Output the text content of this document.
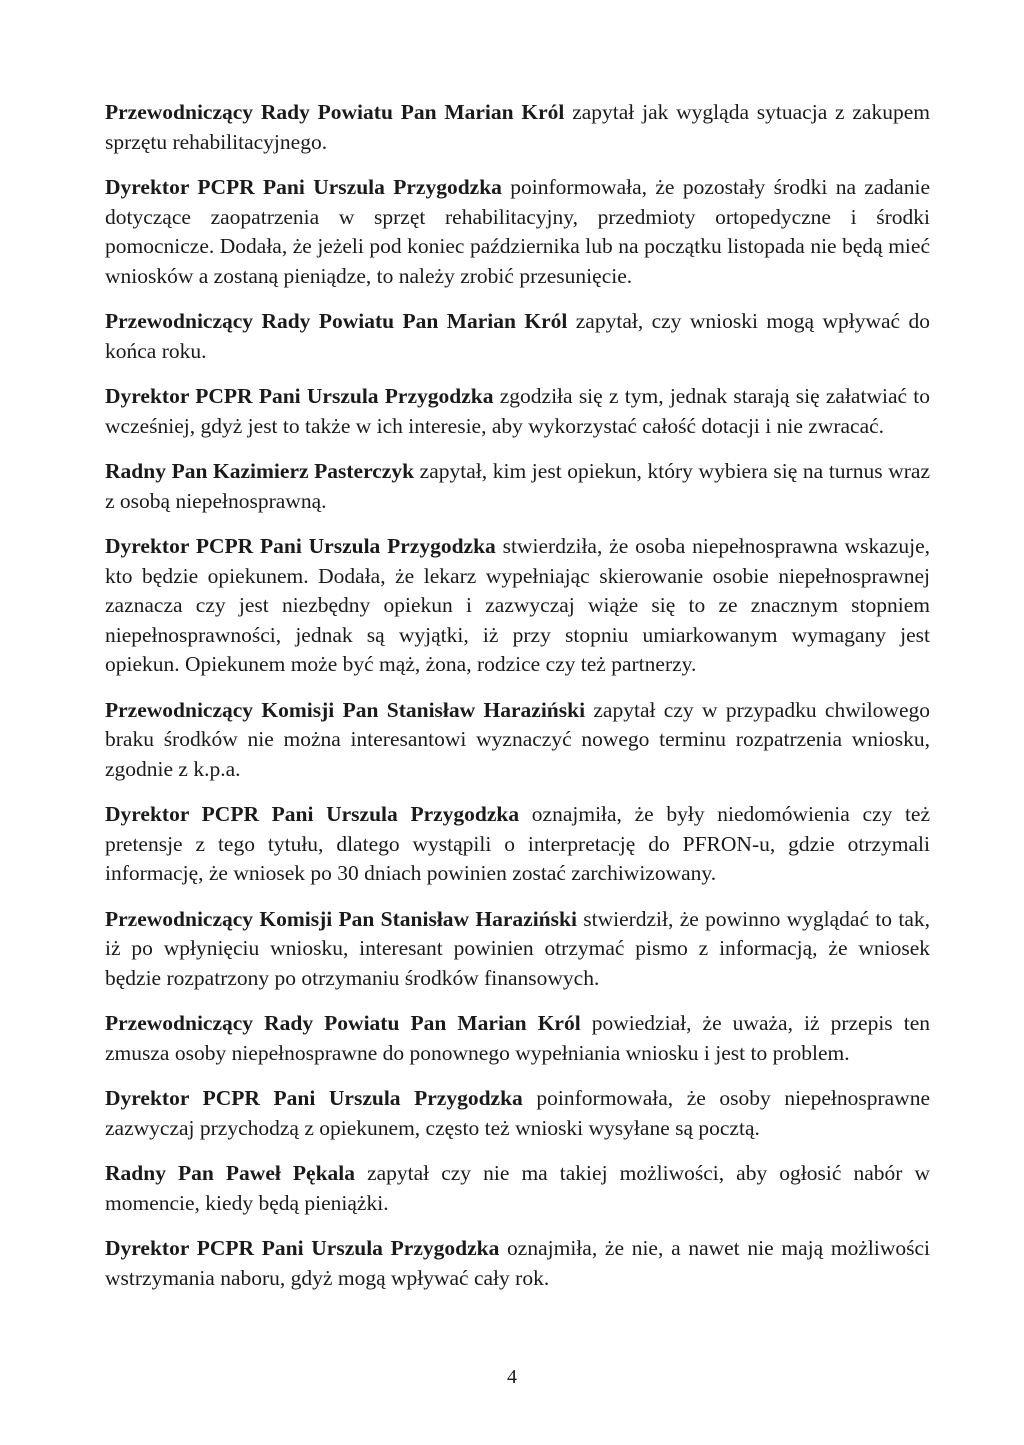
Przewodniczący Rady Powiatu Pan Marian Król zapytał jak wygląda sytuacja z zakupem sprzętu rehabilitacyjnego.

Dyrektor PCPR Pani Urszula Przygodzka poinformowała, że pozostały środki na zadanie dotyczące zaopatrzenia w sprzęt rehabilitacyjny, przedmioty ortopedyczne i środki pomocnicze. Dodała, że jeżeli pod koniec października lub na początku listopada nie będą mieć wniosków a zostaną pieniądze, to należy zrobić przesunięcie.

Przewodniczący Rady Powiatu Pan Marian Król zapytał, czy wnioski mogą wpływać do końca roku.

Dyrektor PCPR Pani Urszula Przygodzka zgodziła się z tym, jednak starają się załatwiać to wcześniej, gdyż jest to także w ich interesie, aby wykorzystać całość dotacji i nie zwracać.

Radny Pan Kazimierz Pasterczyk zapytał, kim jest opiekun, który wybiera się na turnus wraz z osobą niepełnosprawną.

Dyrektor PCPR Pani Urszula Przygodzka stwierdziła, że osoba niepełnosprawna wskazuje, kto będzie opiekunem. Dodała, że lekarz wypełniając skierowanie osobie niepełnosprawnej zaznacza czy jest niezbędny opiekun i zazwyczaj wiąże się to ze znacznym stopniem niepełnosprawności, jednak są wyjątki, iż przy stopniu umiarkowanym wymagany jest opiekun. Opiekunem może być mąż, żona, rodzice czy też partnerzy.

Przewodniczący Komisji Pan Stanisław Haraziński zapytał czy w przypadku chwilowego braku środków nie można interesantowi wyznaczyć nowego terminu rozpatrzenia wniosku, zgodnie z k.p.a.

Dyrektor PCPR Pani Urszula Przygodzka oznajmiła, że były niedomówienia czy też pretensje z tego tytułu, dlatego wystąpili o interpretację do PFRON-u, gdzie otrzymali informację, że wniosek po 30 dniach powinien zostać zarchiwizowany.

Przewodniczący Komisji Pan Stanisław Haraziński stwierdził, że powinno wyglądać to tak, iż po wpłynięciu wniosku, interesant powinien otrzymać pismo z informacją, że wniosek będzie rozpatrzony po otrzymaniu środków finansowych.

Przewodniczący Rady Powiatu Pan Marian Król powiedział, że uważa, iż przepis ten zmusza osoby niepełnosprawne do ponownego wypełniania wniosku i jest to problem.

Dyrektor PCPR Pani Urszula Przygodzka poinformowała, że osoby niepełnosprawne zazwyczaj przychodzą z opiekunem, często też wnioski wysyłane są pocztą.

Radny Pan Paweł Pękala zapytał czy nie ma takiej możliwości, aby ogłosić nabór w momencie, kiedy będą pieniążki.

Dyrektor PCPR Pani Urszula Przygodzka oznajmiła, że nie, a nawet nie mają możliwości wstrzymania naboru, gdyż mogą wpływać cały rok.

4
